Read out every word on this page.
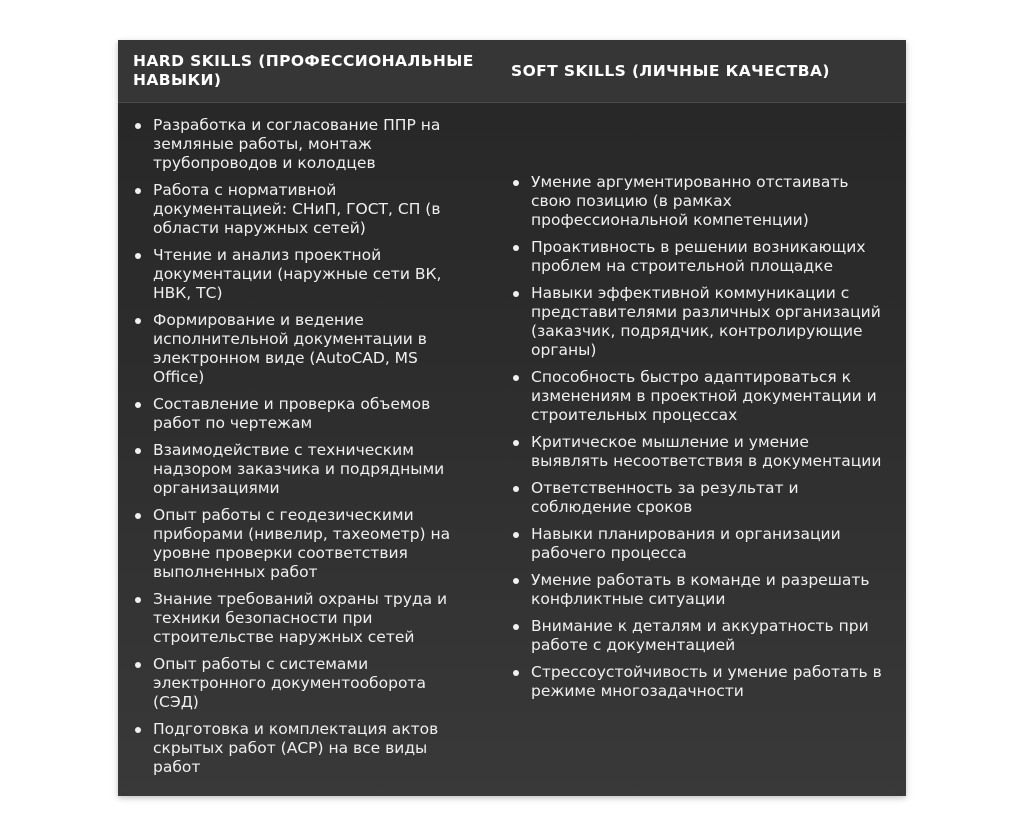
HARD SKILLS (ПРОФЕССИОНАЛЬНЫЕ НАВЫКИ)	SOFT SKILLS (ЛИЧНЫЕ КАЧЕСТВА)
Разработка и согласование ППР на земляные работы, монтаж трубопроводов и колодцев
Работа с нормативной документацией: СНиП, ГОСТ, СП (в области наружных сетей)
Чтение и анализ проектной документации (наружные сети ВК, НВК, ТС)
Формирование и ведение исполнительной документации в электронном виде (AutoCAD, MS Office)
Составление и проверка объемов работ по чертежам
Взаимодействие с техническим надзором заказчика и подрядными организациями
Опыт работы с геодезическими приборами (нивелир, тахеометр) на уровне проверки соответствия выполненных работ
Знание требований охраны труда и техники безопасности при строительстве наружных сетей
Опыт работы с системами электронного документооборота (СЭД)
Подготовка и комплектация актов скрытых работ (АСР) на все виды работ
Умение аргументированно отстаивать свою позицию (в рамках профессиональной компетенции)
Проактивность в решении возникающих проблем на строительной площадке
Навыки эффективной коммуникации с представителями различных организаций (заказчик, подрядчик, контролирующие органы)
Способность быстро адаптироваться к изменениям в проектной документации и строительных процессах
Критическое мышление и умение выявлять несоответствия в документации
Ответственность за результат и соблюдение сроков
Навыки планирования и организации рабочего процесса
Умение работать в команде и разрешать конфликтные ситуации
Внимание к деталям и аккуратность при работе с документацией
Стрессоустойчивость и умение работать в режиме многозадачности
